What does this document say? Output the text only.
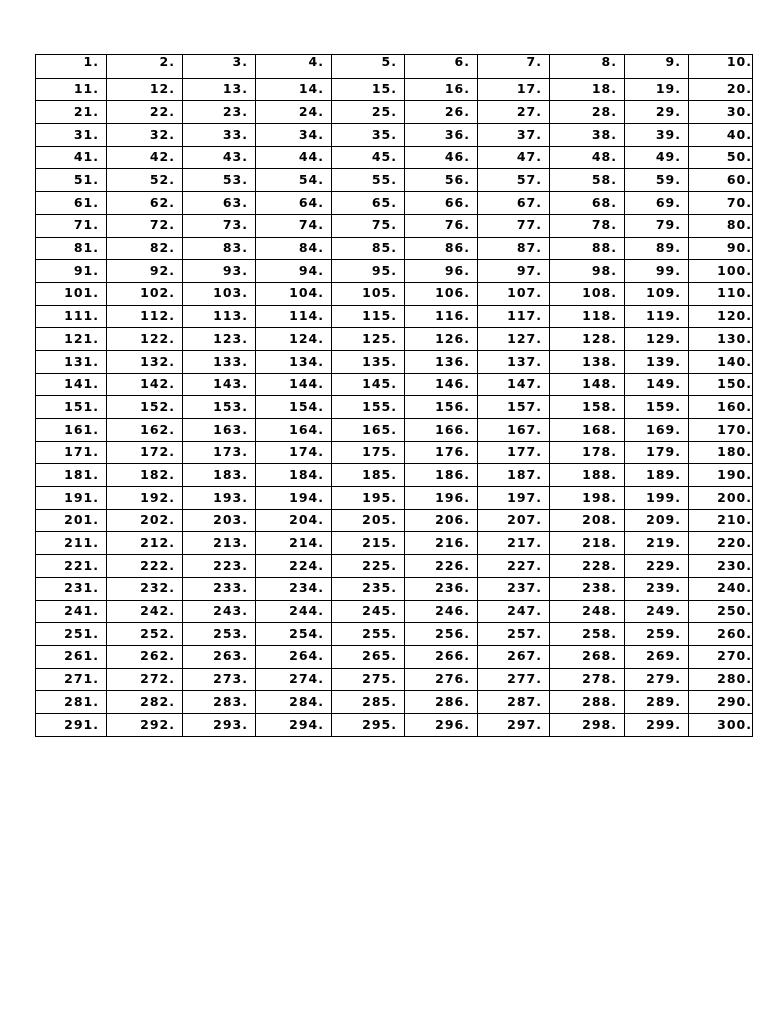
1.	2.	3.	4.	5.	6.	7.	8.	9.	10.
11.	12.	13.	14.	15.	16.	17.	18.	19.	20.
21.	22.	23.	24.	25.	26.	27.	28.	29.	30.
31.	32.	33.	34.	35.	36.	37.	38.	39.	40.
41.	42.	43.	44.	45.	46.	47.	48.	49.	50.
51.	52.	53.	54.	55.	56.	57.	58.	59.	60.
61.	62.	63.	64.	65.	66.	67.	68.	69.	70.
71.	72.	73.	74.	75.	76.	77.	78.	79.	80.
81.	82.	83.	84.	85.	86.	87.	88.	89.	90.
91.	92.	93.	94.	95.	96.	97.	98.	99.	100.
101.	102.	103.	104.	105.	106.	107.	108.	109.	110.
111.	112.	113.	114.	115.	116.	117.	118.	119.	120.
121.	122.	123.	124.	125.	126.	127.	128.	129.	130.
131.	132.	133.	134.	135.	136.	137.	138.	139.	140.
141.	142.	143.	144.	145.	146.	147.	148.	149.	150.
151.	152.	153.	154.	155.	156.	157.	158.	159.	160.
161.	162.	163.	164.	165.	166.	167.	168.	169.	170.
171.	172.	173.	174.	175.	176.	177.	178.	179.	180.
181.	182.	183.	184.	185.	186.	187.	188.	189.	190.
191.	192.	193.	194.	195.	196.	197.	198.	199.	200.
201.	202.	203.	204.	205.	206.	207.	208.	209.	210.
211.	212.	213.	214.	215.	216.	217.	218.	219.	220.
221.	222.	223.	224.	225.	226.	227.	228.	229.	230.
231.	232.	233.	234.	235.	236.	237.	238.	239.	240.
241.	242.	243.	244.	245.	246.	247.	248.	249.	250.
251.	252.	253.	254.	255.	256.	257.	258.	259.	260.
261.	262.	263.	264.	265.	266.	267.	268.	269.	270.
271.	272.	273.	274.	275.	276.	277.	278.	279.	280.
281.	282.	283.	284.	285.	286.	287.	288.	289.	290.
291.	292.	293.	294.	295.	296.	297.	298.	299.	300.
